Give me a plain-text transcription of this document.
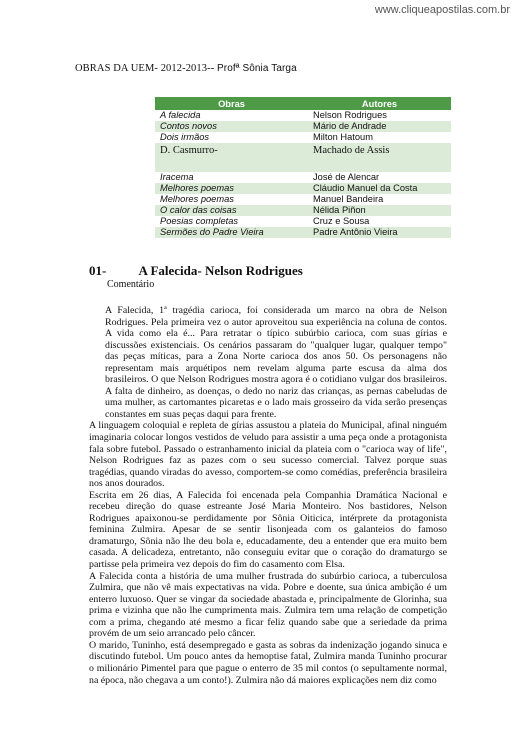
www.cliqueapostilas.com.br
OBRAS DA UEM- 2012-2013-- Profª Sônia Targa
Obras	Autores
A falecida	Nelson Rodrigues
Contos novos	Mário de Andrade
Dois irmãos	Milton Hatoum
D. Casmurro-	Machado de Assis
Iracema	José de Alencar
Melhores poemas	Cláudio Manuel da Costa
Melhores poemas	Manuel Bandeira
O calor das coisas	Nélida Piñon
Poesias completas	Cruz e Sousa
Sermões do Padre Vieira	Padre Antônio Vieira
01- A Falecida- Nelson Rodrigues
Comentário

A Falecida, 1ª tragédia carioca, foi considerada um marco na obra de Nelson Rodrigues. Pela primeira vez o autor aproveitou sua experiência na coluna de contos. A vida como ela é... Para retratar o típico subúrbio carioca, com suas gírias e discussões existenciais. Os cenários passaram do "qualquer lugar, qualquer tempo" das peças míticas, para a Zona Norte carioca dos anos 50. Os personagens não representam mais arquétipos nem revelam alguma parte escusa da alma dos brasileiros. O que Nelson Rodrigues mostra agora é o cotidiano vulgar dos brasileiros. A falta de dinheiro, as doenças, o dedo no nariz das crianças, as pernas cabeludas de uma mulher, as cartomantes picaretas e o lado mais grosseiro da vida serão presenças constantes em suas peças daqui para frente.

A linguagem coloquial e repleta de gírias assustou a plateia do Municipal, afinal ninguém imaginaria colocar longos vestidos de veludo para assistir a uma peça onde a protagonista fala sobre futebol. Passado o estranhamento inicial da plateia com o "carioca way of life", Nelson Rodrigues faz as pazes com o seu sucesso comercial. Talvez porque suas tragédias, quando viradas do avesso, comportem-se como comédias, preferência brasileira nos anos dourados.

Escrita em 26 dias, A Falecida foi encenada pela Companhia Dramática Nacional e recebeu direção do quase estreante José Maria Monteiro. Nos bastidores, Nelson Rodrigues apaixonou-se perdidamente por Sônia Oiticica, intérprete da protagonista feminina Zulmira. Apesar de se sentir lisonjeada com os galanteios do famoso dramaturgo, Sônia não lhe deu bola e, educadamente, deu a entender que era muito bem casada. A delicadeza, entretanto, não conseguiu evitar que o coração do dramaturgo se partisse pela primeira vez depois do fim do casamento com Elsa.

A Falecida conta a história de uma mulher frustrada do subúrbio carioca, a tuberculosa Zulmira, que não vê mais expectativas na vida. Pobre e doente, sua única ambição é um enterro luxuoso. Quer se vingar da sociedade abastada e, principalmente de Glorinha, sua prima e vizinha que não lhe cumprimenta mais. Zulmira tem uma relação de competição com a prima, chegando até mesmo a ficar feliz quando sabe que a seriedade da prima provém de um seio arrancado pelo câncer.

O marido, Tuninho, está desempregado e gasta as sobras da indenização jogando sinuca e discutindo futebol. Um pouco antes da hemoptise fatal, Zulmira manda Tuninho procurar o milionário Pimentel para que pague o enterro de 35 mil contos (o sepultamente normal, na época, não chegava a um conto!). Zulmira não dá maiores explicações nem diz como
